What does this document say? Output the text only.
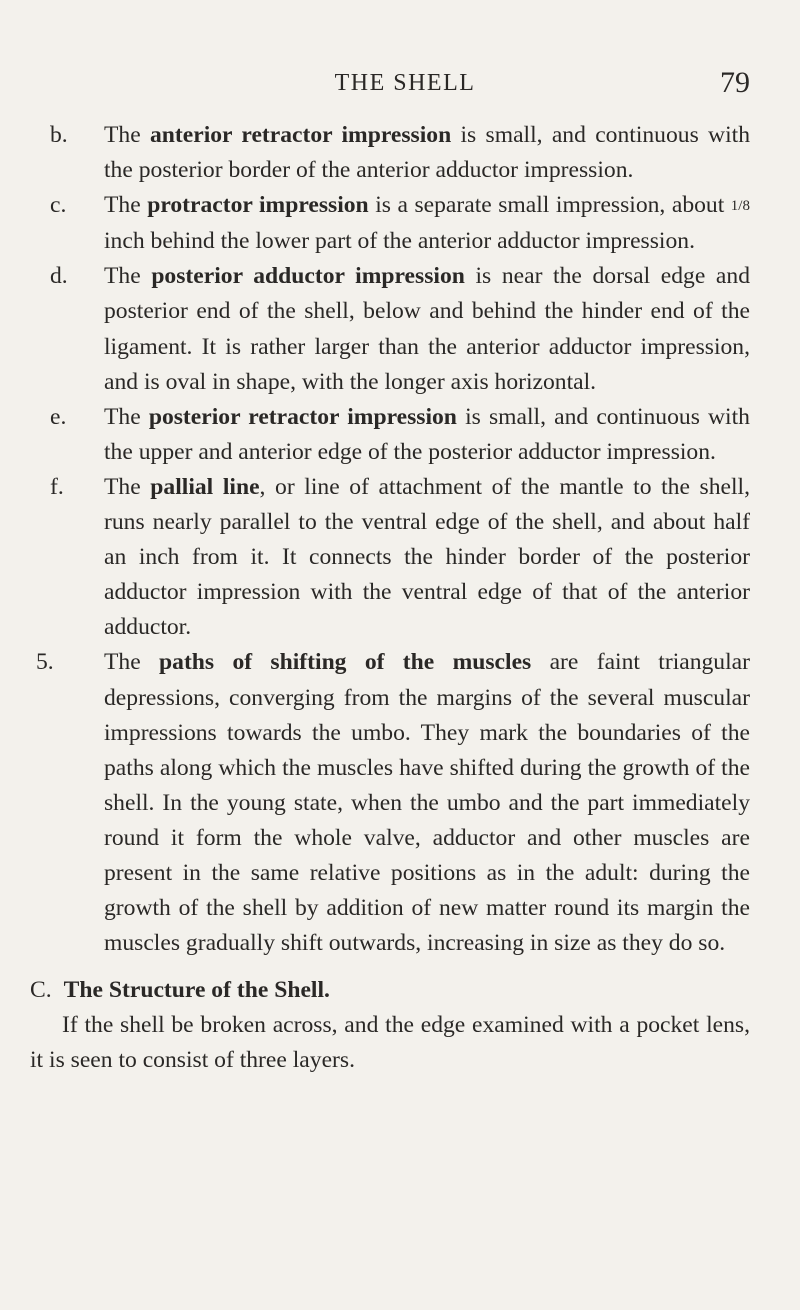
THE SHELL	79
b. The anterior retractor impression is small, and continuous with the posterior border of the anterior adductor impression.
c. The protractor impression is a separate small impression, about 1/8 inch behind the lower part of the anterior adductor impression.
d. The posterior adductor impression is near the dorsal edge and posterior end of the shell, below and behind the hinder end of the ligament. It is rather larger than the anterior adductor impression, and is oval in shape, with the longer axis horizontal.
e. The posterior retractor impression is small, and continuous with the upper and anterior edge of the posterior adductor impression.
f. The pallial line, or line of attachment of the mantle to the shell, runs nearly parallel to the ventral edge of the shell, and about half an inch from it. It connects the hinder border of the posterior adductor impression with the ventral edge of that of the anterior adductor.
5. The paths of shifting of the muscles are faint triangular depressions, converging from the margins of the several muscular impressions towards the umbo. They mark the boundaries of the paths along which the muscles have shifted during the growth of the shell. In the young state, when the umbo and the part immediately round it form the whole valve, adductor and other muscles are present in the same relative positions as in the adult: during the growth of the shell by addition of new matter round its margin the muscles gradually shift outwards, increasing in size as they do so.
C. The Structure of the Shell.
If the shell be broken across, and the edge examined with a pocket lens, it is seen to consist of three layers.
